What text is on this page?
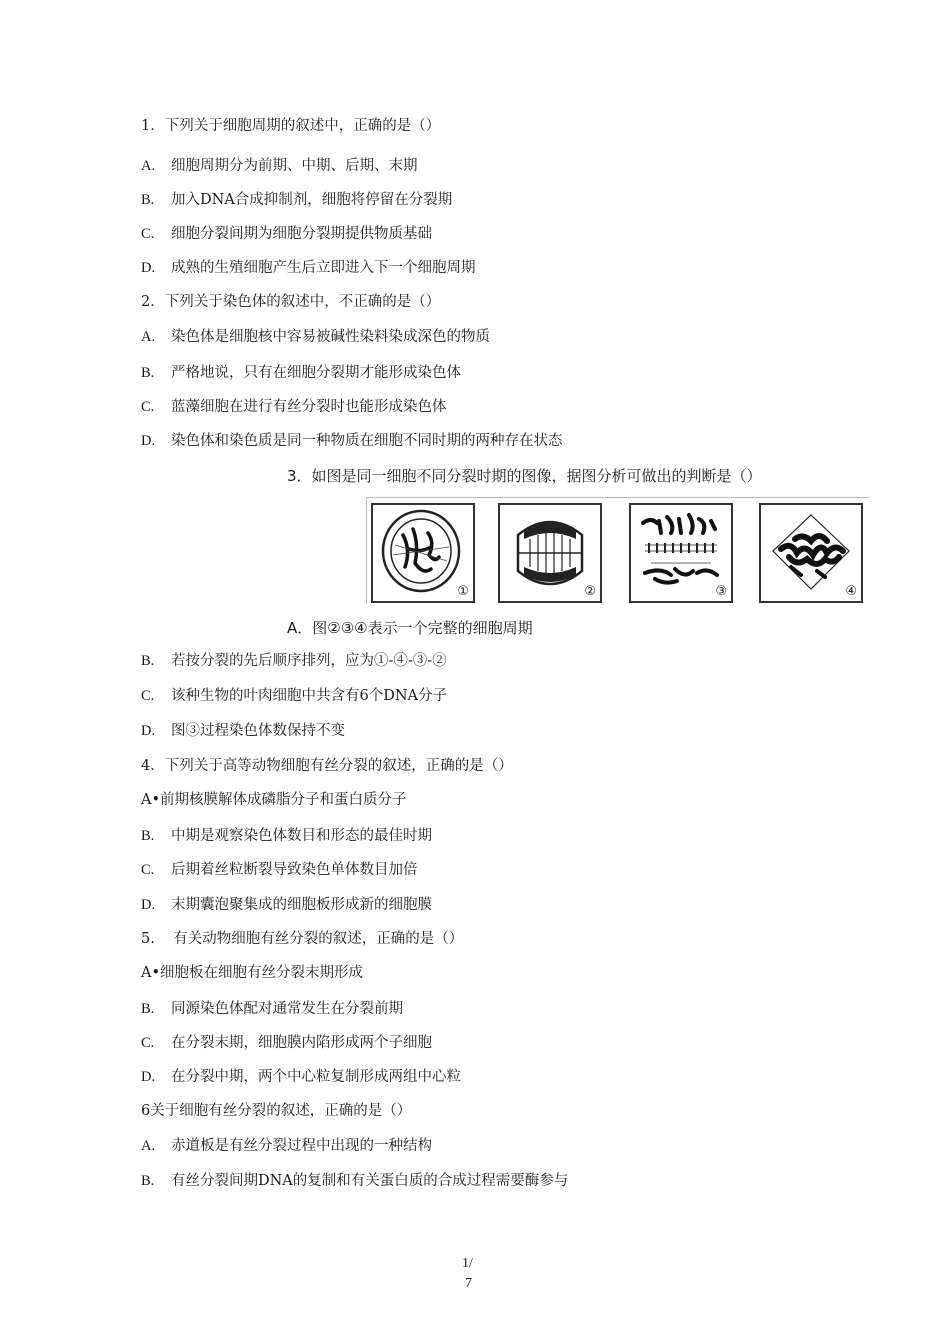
1．下列关于细胞周期的叙述中，正确的是（）
A. 细胞周期分为前期、中期、后期、末期
B. 加入DNA合成抑制剂，细胞将停留在分裂期
C. 细胞分裂间期为细胞分裂期提供物质基础
D. 成熟的生殖细胞产生后立即进入下一个细胞周期
2．下列关于染色体的叙述中，不正确的是（）
A. 染色体是细胞核中容易被碱性染料染成深色的物质
B. 严格地说，只有在细胞分裂期才能形成染色体
C. 蓝藻细胞在进行有丝分裂时也能形成染色体
D. 染色体和染色质是同一种物质在细胞不同时期的两种存在状态
3．如图是同一细胞不同分裂时期的图像，据图分析可做出的判断是（）
①	②	③	④
A．图②③④表示一个完整的细胞周期
B. 若按分裂的先后顺序排列，应为①-④-③-②
C. 该种生物的叶肉细胞中共含有6个DNA分子
D. 图③过程染色体数保持不变
4．下列关于高等动物细胞有丝分裂的叙述，正确的是（）
A•前期核膜解体成磷脂分子和蛋白质分子
B. 中期是观察染色体数目和形态的最佳时期
C. 后期着丝粒断裂导致染色单体数目加倍
D. 末期囊泡聚集成的细胞板形成新的细胞膜
5.    有关动物细胞有丝分裂的叙述，正确的是（）
A•细胞板在细胞有丝分裂末期形成
B. 同源染色体配对通常发生在分裂前期
C. 在分裂末期，细胞膜内陷形成两个子细胞
D. 在分裂中期，两个中心粒复制形成两组中心粒
6关于细胞有丝分裂的叙述，正确的是（）
A. 赤道板是有丝分裂过程中出现的一种结构
B. 有丝分裂间期DNA的复制和有关蛋白质的合成过程需要酶参与
1/
7
